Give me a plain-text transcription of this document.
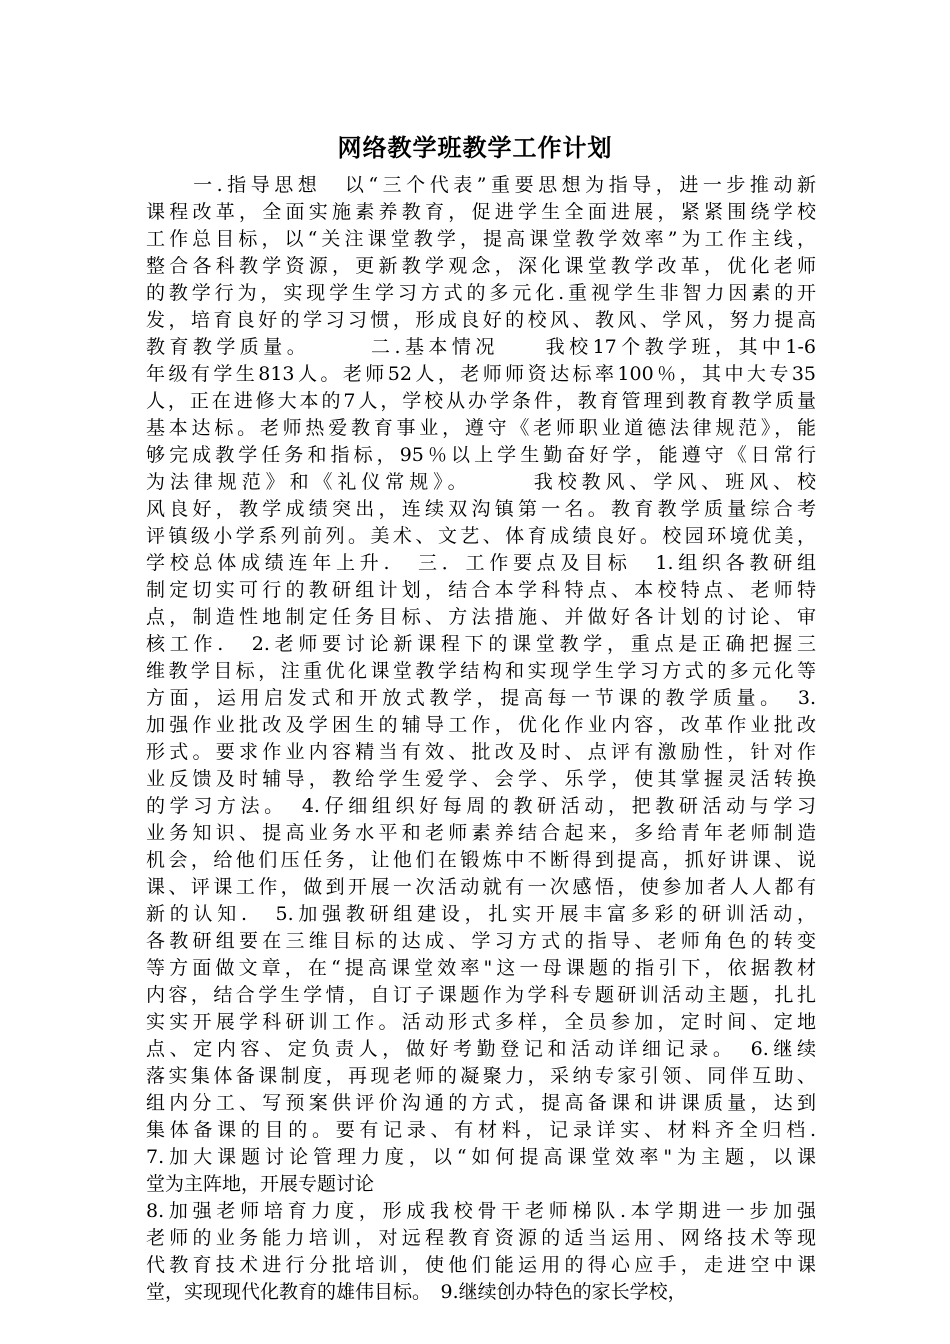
网络教学班教学工作计划
　　一.指导思想　以“三个代表”重要思想为指导，进一步推动新
课程改革，全面实施素养教育，促进学生全面进展，紧紧围绕学校
工作总目标，以“关注课堂教学，提高课堂教学效率”为工作主线，
整合各科教学资源，更新教学观念，深化课堂教学改革，优化老师
的教学行为，实现学生学习方式的多元化.重视学生非智力因素的开
发，培育良好的学习习惯，形成良好的校风、教风、学风，努力提高
教育教学质量。　　　二.基本情况　　我校17个教学班，其中1-6
年级有学生813人。老师52人，老师师资达标率100％，其中大专35
人，正在进修大本的7人，学校从办学条件，教育管理到教育教学质量
基本达标。老师热爱教育事业，遵守《老师职业道德法律规范》，能
够完成教学任务和指标，95％以上学生勤奋好学，能遵守《日常行
为法律规范》和《礼仪常规》。　　　我校教风、学风、班风、校
风良好，教学成绩突出，连续双沟镇第一名。教育教学质量综合考
评镇级小学系列前列。美术、文艺、体育成绩良好。校园环境优美，
学校总体成绩连年上升.　三．工作要点及目标　1.组织各教研组
制定切实可行的教研组计划，结合本学科特点、本校特点、老师特
点，制造性地制定任务目标、方法措施、并做好各计划的讨论、审
核工作.　2.老师要讨论新课程下的课堂教学，重点是正确把握三
维教学目标，注重优化课堂教学结构和实现学生学习方式的多元化等
方面，运用启发式和开放式教学，提高每一节课的教学质量。　3.
加强作业批改及学困生的辅导工作，优化作业内容，改革作业批改
形式。要求作业内容精当有效、批改及时、点评有激励性，针对作
业反馈及时辅导，教给学生爱学、会学、乐学，使其掌握灵活转换
的学习方法。　4.仔细组织好每周的教研活动，把教研活动与学习
业务知识、提高业务水平和老师素养结合起来，多给青年老师制造
机会，给他们压任务，让他们在锻炼中不断得到提高，抓好讲课、说
课、评课工作，做到开展一次活动就有一次感悟，使参加者人人都有
新的认知.　5.加强教研组建设，扎实开展丰富多彩的研训活动，
各教研组要在三维目标的达成、学习方式的指导、老师角色的转变
等方面做文章，在“提高课堂效率"这一母课题的指引下，依据教材
内容，结合学生学情，自订子课题作为学科专题研训活动主题，扎扎
实实开展学科研训工作。活动形式多样，全员参加，定时间、定地
点、定内容、定负责人，做好考勤登记和活动详细记录。　6.继续
落实集体备课制度，再现老师的凝聚力，采纳专家引领、同伴互助、
组内分工、写预案供评价沟通的方式，提高备课和讲课质量，达到
集体备课的目的。要有记录、有材料，记录详实、材料齐全归档.
7.加大课题讨论管理力度，以“如何提高课堂效率"为主题，以课
堂为主阵地，开展专题讨论
8.加强老师培育力度，形成我校骨干老师梯队.本学期进一步加强
老师的业务能力培训，对远程教育资源的适当运用、网络技术等现
代教育技术进行分批培训，使他们能运用的得心应手，走进空中课
堂，实现现代化教育的雄伟目标。　9.继续创办特色的家长学校，
